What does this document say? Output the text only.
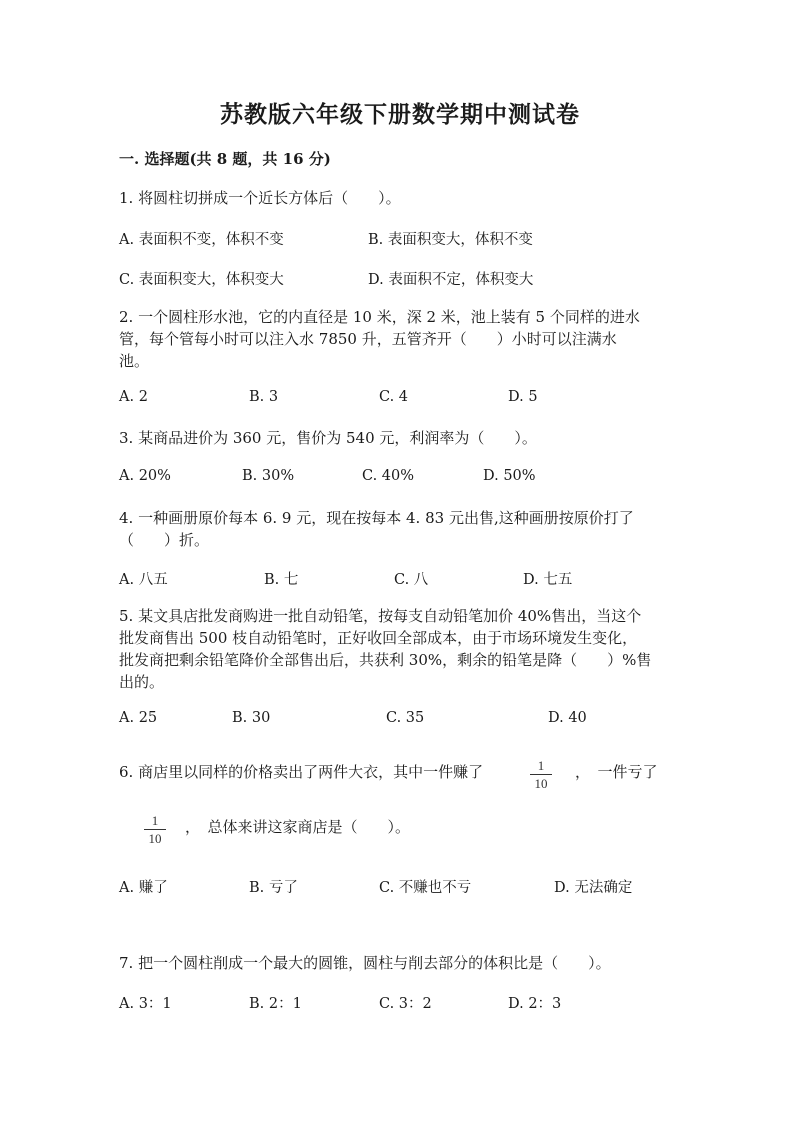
苏教版六年级下册数学期中测试卷
一. 选择题(共 8 题，共 16 分)
1. 将圆柱切拼成一个近长方体后（　　）。
A. 表面积不变，体积不变	B. 表面积变大，体积不变
C. 表面积变大，体积变大	D. 表面积不定，体积变大
2. 一个圆柱形水池，它的内直径是 10 米，深 2 米，池上装有 5 个同样的进水
管，每个管每小时可以注入水 7850 升，五管齐开（　　）小时可以注满水
池。
A. 2	B. 3	C. 4	D. 5
3. 某商品进价为 360 元，售价为 540 元，利润率为（　　）。
A. 20%	B. 30%	C. 40%	D. 50%
4. 一种画册原价每本 6. 9 元，现在按每本 4. 83 元出售,这种画册按原价打了
（　　）折。
A. 八五	B. 七	C. 八	D. 七五
5. 某文具店批发商购进一批自动铅笔，按每支自动铅笔加价 40%售出，当这个
批发商售出 500 枝自动铅笔时，正好收回全部成本，由于市场环境发生变化，
批发商把剩余铅笔降价全部售出后，共获利 30%，剩余的铅笔是降（　　）%售
出的。
A. 25	B. 30	C. 35	D. 40
6. 商店里以同样的价格卖出了两件大衣，其中一件赚了	1
10
，　一件亏了
1
10
，　总体来讲这家商店是（　　）。
A. 赚了	B. 亏了	C. 不赚也不亏	D. 无法确定
7. 把一个圆柱削成一个最大的圆锥，圆柱与削去部分的体积比是（　　）。
A. 3：1	B. 2：1	C. 3：2	D. 2：3
